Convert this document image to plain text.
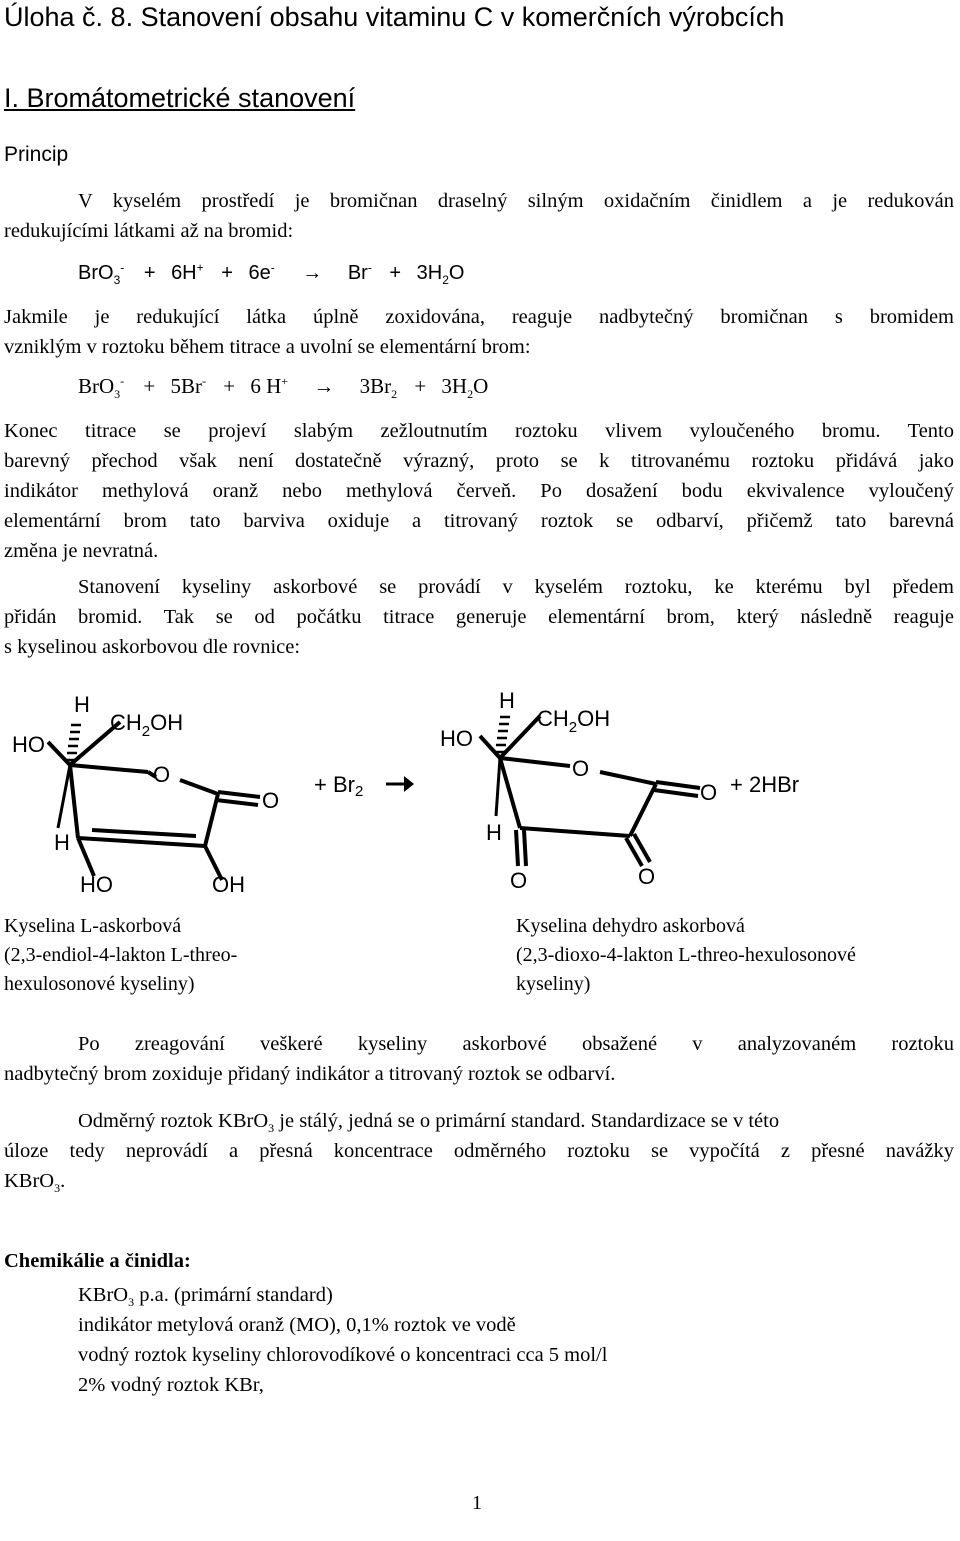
Úloha č. 8. Stanovení obsahu vitaminu C v komerčních výrobcích
I. Bromátometrické stanovení
Princip
V kyselém prostředí je bromičnan draselný silným oxidačním činidlem a je redukován
redukujícími látkami až na bromid:
$BrO_3^- + 6H^+ + 6e^- \to Br^- + 3H_2O$
Jakmile je redukující látka úplně zoxidována, reaguje nadbytečný bromičnan s bromidem
vzniklým v roztoku během titrace a uvolní se elementární brom:
BrO$_3$- + 5Br- + 6 $H^+ \to 3Br_2 + 3H_2O$
Konec titrace se projeví slabým zežloutnutím roztoku vlivem vyloučeného bromu. Tento
barevný přechod však není dostatečně výrazný, proto se k titrovanému roztoku přidává jako
indikátor methylová oranž nebo methylová červeň. Po dosažení bodu ekvivalence vyloučený
elementární brom tato barviva oxiduje a titrovaný roztok se odbarví, přičemž tato barevná
změna je nevratná.
Stanovení kyseliny askorbové se provádí v kyselém roztoku, ke kterému byl předem
přidán bromid. Tak se od počátku titrace generuje elementární brom, který následně reaguje
s kyselinou askorbovou dle rovnice:
H
HO
$CH_2OH$
O
O
H
HO	OH
+ Br2
H
HO
$CH_2OH$
O
O
H
O	O
+ 2HBr
Kyselina L-askorbová
(2,3-endiol-4-lakton L-threo-
hexulosonové kyseliny)
Kyselina dehydro askorbová
(2,3-dioxo-4-lakton L-threo-hexulosonové
kyseliny)
Po zreagování veškeré kyseliny askorbové obsažené v analyzovaném roztoku
nadbytečný brom zoxiduje přidaný indikátor a titrovaný roztok se odbarví.
Odměrný roztok KBrO$_3$ je stálý, jedná se o primární standard. Standardizace se v této
úloze tedy neprovádí a přesná koncentrace odměrného roztoku se vypočítá z přesné navážky
KBrO$_3$.
Chemikálie a činidla:
KBrO$_3$ p.a. (primární standard)
indikátor metylová oranž (MO), 0,1% roztok ve vodě
vodný roztok kyseliny chlorovodíkové o koncentraci cca 5 mol/l
2% vodný roztok KBr,
1
